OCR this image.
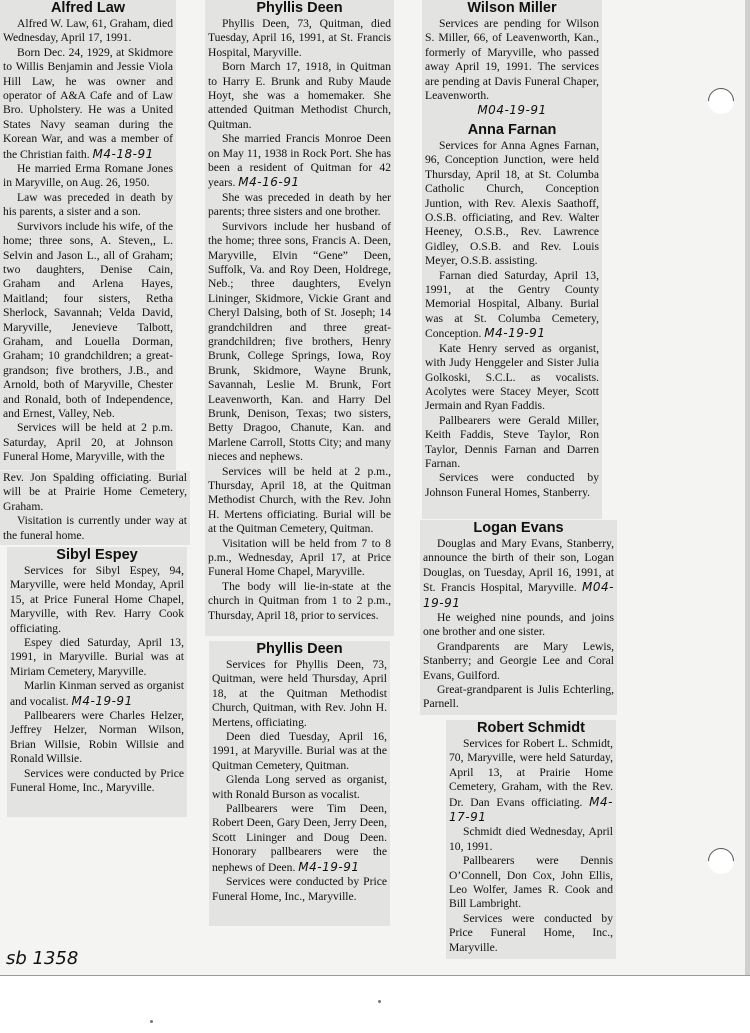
Alfred Law

Alfred W. Law, 61, Graham, died Wednesday, April 17, 1991.

Born Dec. 24, 1929, at Skidmore to Willis Benjamin and Jessie Viola Hill Law, he was owner and operator of A&A Cafe and of Law Bro. Upholstery. He was a United States Navy seaman during the Korean War, and was a member of the Christian faith. M4-18-91

He married Erma Romane Jones in Maryville, on Aug. 26, 1950.

Law was preceded in death by his parents, a sister and a son.

Survivors include his wife, of the home; three sons, A. Steven,, L. Selvin and Jason L., all of Graham; two daughters, Denise Cain, Graham and Arlena Hayes, Maitland; four sisters, Retha Sherlock, Savannah; Velda David, Maryville, Jenevieve Talbott, Graham, and Louella Dorman, Graham; 10 grandchildren; a great-grandson; five brothers, J.B., and Arnold, both of Maryville, Chester and Ronald, both of Independence, and Ernest, Valley, Neb.

Services will be held at 2 p.m. Saturday, April 20, at Johnson Funeral Home, Maryville, with the

Rev. Jon Spalding officiating. Burial will be at Prairie Home Cemetery, Graham.

Visitation is currently under way at the funeral home.

Sibyl Espey

Services for Sibyl Espey, 94, Maryville, were held Monday, April 15, at Price Funeral Home Chapel, Maryville, with Rev. Harry Cook officiating.

Espey died Saturday, April 13, 1991, in Maryville. Burial was at Miriam Cemetery, Maryville.

Marlin Kinman served as organist and vocalist. M4-19-91

Pallbearers were Charles Helzer, Jeffrey Helzer, Norman Wilson, Brian Willsie, Robin Willsie and Ronald Willsie.

Services were conducted by Price Funeral Home, Inc., Maryville.

Phyllis Deen

Phyllis Deen, 73, Quitman, died Tuesday, April 16, 1991, at St. Francis Hospital, Maryville.

Born March 17, 1918, in Quitman to Harry E. Brunk and Ruby Maude Hoyt, she was a homemaker. She attended Quitman Methodist Church, Quitman.

She married Francis Monroe Deen on May 11, 1938 in Rock Port. She has been a resident of Quitman for 42 years. M4-16-91

She was preceded in death by her parents; three sisters and one brother.

Survivors include her husband of the home; three sons, Francis A. Deen, Maryville, Elvin “Gene” Deen, Suffolk, Va. and Roy Deen, Holdrege, Neb.; three daughters, Evelyn Lininger, Skidmore, Vickie Grant and Cheryl Dalsing, both of St. Joseph; 14 grandchildren and three great-grandchildren; five brothers, Henry Brunk, College Springs, Iowa, Roy Brunk, Skidmore, Wayne Brunk, Savannah, Leslie M. Brunk, Fort Leavenworth, Kan. and Harry Del Brunk, Denison, Texas; two sisters, Betty Dragoo, Chanute, Kan. and Marlene Carroll, Stotts City; and many nieces and nephews.

Services will be held at 2 p.m., Thursday, April 18, at the Quitman Methodist Church, with the Rev. John H. Mertens officiating. Burial will be at the Quitman Cemetery, Quitman.

Visitation will be held from 7 to 8 p.m., Wednesday, April 17, at Price Funeral Home Chapel, Maryville.

The body will lie-in-state at the church in Quitman from 1 to 2 p.m., Thursday, April 18, prior to services.

Phyllis Deen

Services for Phyllis Deen, 73, Quitman, were held Thursday, April 18, at the Quitman Methodist Church, Quitman, with Rev. John H. Mertens, officiating.

Deen died Tuesday, April 16, 1991, at Maryville. Burial was at the Quitman Cemetery, Quitman.

Glenda Long served as organist, with Ronald Burson as vocalist.

Pallbearers were Tim Deen, Robert Deen, Gary Deen, Jerry Deen, Scott Lininger and Doug Deen. Honorary pallbearers were the nephews of Deen. M4-19-91

Services were conducted by Price Funeral Home, Inc., Maryville.

Wilson Miller

Services are pending for Wilson S. Miller, 66, of Leavenworth, Kan., formerly of Maryville, who passed away April 19, 1991. The services are pending at Davis Funeral Chaper, Leavenworth.

M04-19-91
Anna Farnan

Services for Anna Agnes Farnan, 96, Conception Junction, were held Thursday, April 18, at St. Columba Catholic Church, Conception Juntion, with Rev. Alexis Saathoff, O.S.B. officiating, and Rev. Walter Heeney, O.S.B., Rev. Lawrence Gidley, O.S.B. and Rev. Louis Meyer, O.S.B. assisting.

Farnan died Saturday, April 13, 1991, at the Gentry County Memorial Hospital, Albany. Burial was at St. Columba Cemetery, Conception. M4-19-91

Kate Henry served as organist, with Judy Henggeler and Sister Julia Golkoski, S.C.L. as vocalists. Acolytes were Stacey Meyer, Scott Jermain and Ryan Faddis.

Pallbearers were Gerald Miller, Keith Faddis, Steve Taylor, Ron Taylor, Dennis Farnan and Darren Farnan.

Services were conducted by Johnson Funeral Homes, Stanberry.

Logan Evans

Douglas and Mary Evans, Stanberry, announce the birth of their son, Logan Douglas, on Tuesday, April 16, 1991, at St. Francis Hospital, Maryville. M04-19-91

He weighed nine pounds, and joins one brother and one sister.

Grandparents are Mary Lewis, Stanberry; and Georgie Lee and Coral Evans, Guilford.

Great-grandparent is Julis Echterling, Parnell.

Robert Schmidt

Services for Robert L. Schmidt, 70, Maryville, were held Saturday, April 13, at Prairie Home Cemetery, Graham, with the Rev. Dr. Dan Evans officiating. M4-17-91

Schmidt died Wednesday, April 10, 1991.

Pallbearers were Dennis O’Connell, Don Cox, John Ellis, Leo Wolfer, James R. Cook and Bill Lambright.

Services were conducted by Price Funeral Home, Inc., Maryville.

sb 1358
